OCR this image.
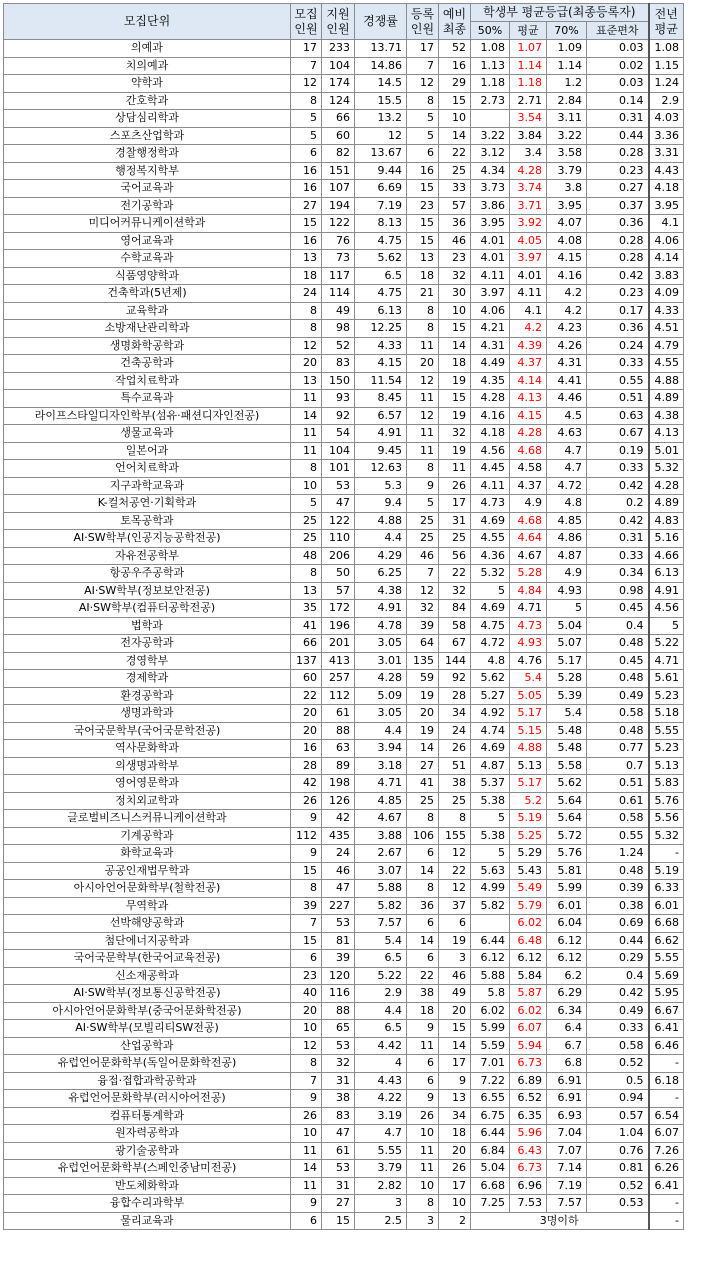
모집단위	모집 인원	지원 인원	경쟁률	등록 인원	예비 최종	학생부 평균등급(최종등록자)				전년 평균
						50%	평균	70%	표준편차	
의예과	17	233	13.71	17	52	1.08	1.07	1.09	0.03	1.08
치의예과	7	104	14.86	7	16	1.13	1.14	1.14	0.02	1.15
약학과	12	174	14.5	12	29	1.18	1.18	1.2	0.03	1.24
간호학과	8	124	15.5	8	15	2.73	2.71	2.84	0.14	2.9
상담심리학과	5	66	13.2	5	10		3.54	3.11	0.31	4.03
스포츠산업학과	5	60	12	5	14	3.22	3.84	3.22	0.44	3.36
경찰행정학과	6	82	13.67	6	22	3.12	3.4	3.58	0.28	3.31
행정복지학부	16	151	9.44	16	25	4.34	4.28	3.79	0.23	4.43
국어교육과	16	107	6.69	15	33	3.73	3.74	3.8	0.27	4.18
전기공학과	27	194	7.19	23	57	3.86	3.71	3.95	0.37	3.95
미디어커뮤니케이션학과	15	122	8.13	15	36	3.95	3.92	4.07	0.36	4.1
영어교육과	16	76	4.75	15	46	4.01	4.05	4.08	0.28	4.06
수학교육과	13	73	5.62	13	23	4.01	3.97	4.15	0.28	4.14
식품영양학과	18	117	6.5	18	32	4.11	4.01	4.16	0.42	3.83
건축학과(5년제)	24	114	4.75	21	30	3.97	4.11	4.2	0.23	4.09
교육학과	8	49	6.13	8	10	4.06	4.1	4.2	0.17	4.33
소방재난관리학과	8	98	12.25	8	15	4.21	4.2	4.23	0.36	4.51
생명화학공학과	12	52	4.33	11	14	4.31	4.39	4.26	0.24	4.79
건축공학과	20	83	4.15	20	18	4.49	4.37	4.31	0.33	4.55
작업치료학과	13	150	11.54	12	19	4.35	4.14	4.41	0.55	4.88
특수교육과	11	93	8.45	11	15	4.28	4.13	4.46	0.51	4.89
라이프스타일디자인학부(섬유·패션디자인전공)	14	92	6.57	12	19	4.16	4.15	4.5	0.63	4.38
생물교육과	11	54	4.91	11	32	4.18	4.28	4.63	0.67	4.13
일본어과	11	104	9.45	11	19	4.56	4.68	4.7	0.19	5.01
언어치료학과	8	101	12.63	8	11	4.45	4.58	4.7	0.33	5.32
지구과학교육과	10	53	5.3	9	26	4.11	4.37	4.72	0.42	4.28
K-컬처공연·기획학과	5	47	9.4	5	17	4.73	4.9	4.8	0.2	4.89
토목공학과	25	122	4.88	25	31	4.69	4.68	4.85	0.42	4.83
AI·SW학부(인공지능공학전공)	25	110	4.4	25	25	4.55	4.64	4.86	0.31	5.16
자유전공학부	48	206	4.29	46	56	4.36	4.67	4.87	0.33	4.66
항공우주공학과	8	50	6.25	7	22	5.32	5.28	4.9	0.34	6.13
AI·SW학부(정보보안전공)	13	57	4.38	12	32	5	4.84	4.93	0.98	4.91
AI·SW학부(컴퓨터공학전공)	35	172	4.91	32	84	4.69	4.71	5	0.45	4.56
법학과	41	196	4.78	39	58	4.75	4.73	5.04	0.4	5
전자공학과	66	201	3.05	64	67	4.72	4.93	5.07	0.48	5.22
경영학부	137	413	3.01	135	144	4.8	4.76	5.17	0.45	4.71
경제학과	60	257	4.28	59	92	5.62	5.4	5.28	0.48	5.61
환경공학과	22	112	5.09	19	28	5.27	5.05	5.39	0.49	5.23
생명과학과	20	61	3.05	20	34	4.92	5.17	5.4	0.58	5.18
국어국문학부(국어국문학전공)	20	88	4.4	19	24	4.74	5.15	5.48	0.48	5.55
역사문화학과	16	63	3.94	14	26	4.69	4.88	5.48	0.77	5.23
의생명과학부	28	89	3.18	27	51	4.87	5.13	5.58	0.7	5.13
영어영문학과	42	198	4.71	41	38	5.37	5.17	5.62	0.51	5.83
정치외교학과	26	126	4.85	25	25	5.38	5.2	5.64	0.61	5.76
글로벌비즈니스커뮤니케이션학과	9	42	4.67	8	8	5	5.19	5.64	0.58	5.56
기계공학과	112	435	3.88	106	155	5.38	5.25	5.72	0.55	5.32
화학교육과	9	24	2.67	6	12	5	5.29	5.76	1.24	-
공공인재법무학과	15	46	3.07	14	22	5.63	5.43	5.81	0.48	5.19
아시아언어문화학부(철학전공)	8	47	5.88	8	12	4.99	5.49	5.99	0.39	6.33
무역학과	39	227	5.82	36	37	5.82	5.79	6.01	0.38	6.01
선박해양공학과	7	53	7.57	6	6		6.02	6.04	0.69	6.68
첨단에너지공학과	15	81	5.4	14	19	6.44	6.48	6.12	0.44	6.62
국어국문학부(한국어교육전공)	6	39	6.5	6	3	6.12	6.12	6.12	0.29	5.55
신소재공학과	23	120	5.22	22	46	5.88	5.84	6.2	0.4	5.69
AI·SW학부(정보통신공학전공)	40	116	2.9	38	49	5.8	5.87	6.29	0.42	5.95
아시아언어문화학부(중국어문화학전공)	20	88	4.4	18	20	6.02	6.02	6.34	0.49	6.67
AI·SW학부(모빌리티SW전공)	10	65	6.5	9	15	5.99	6.07	6.4	0.33	6.41
산업공학과	12	53	4.42	11	14	5.59	5.94	6.7	0.58	6.46
유럽언어문화학부(독일어문화학전공)	8	32	4	6	17	7.01	6.73	6.8	0.52	-
융접·접합과학공학과	7	31	4.43	6	9	7.22	6.89	6.91	0.5	6.18
유럽언어문화학부(러시아어전공)	9	38	4.22	9	13	6.55	6.52	6.91	0.94	-
컴퓨터통계학과	26	83	3.19	26	34	6.75	6.35	6.93	0.57	6.54
원자력공학과	10	47	4.7	10	18	6.44	5.96	7.04	1.04	6.07
광기술공학과	11	61	5.55	11	20	6.84	6.43	7.07	0.76	7.26
유럽언어문화학부(스페인중남미전공)	14	53	3.79	11	26	5.04	6.73	7.14	0.81	6.26
반도체화학과	11	31	2.82	10	17	6.68	6.96	7.19	0.52	6.41
융합수리과학부	9	27	3	8	10	7.25	7.53	7.57	0.53	-
물리교육과	6	15	2.5	3	2	3명이하				-
